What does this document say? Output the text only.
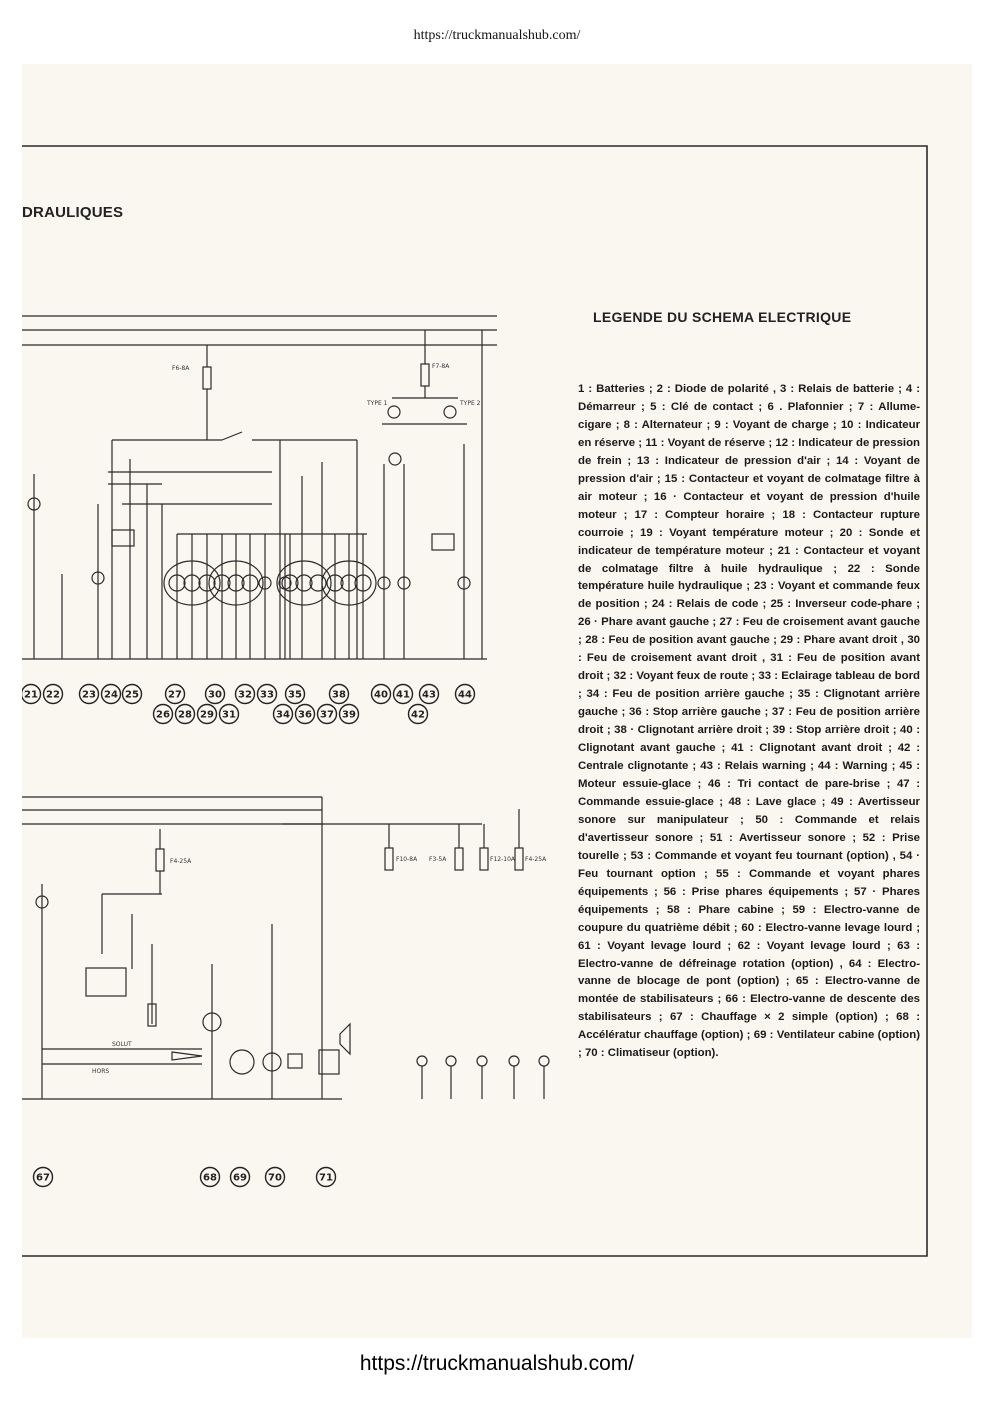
https://truckmanualshub.com/
F6-8A	F7-8A
F4-25A	F10-8A F3-5A	F12-10A F4-25A
TYPE 1	TYPE 2
SOLUT
HORS
21 22 23 24 25	27	30 32 33 35	38	40 41 43 44
26 28 29 31	34 36 37 39	42
67	68 69 70	71
DRAULIQUES
LEGENDE DU SCHEMA ELECTRIQUE
1 : Batteries ; 2 : Diode de polarité , 3 : Relais de batterie ; 4 : Démarreur ; 5 : Clé de contact ; 6 . Plafonnier ; 7 : Allume-cigare ; 8 : Alternateur ; 9 : Voyant de charge ; 10 : Indicateur en réserve ; 11 : Voyant de réserve ; 12 : Indicateur de pression de frein ; 13 : Indicateur de pression d'air ; 14 : Voyant de pression d'air ; 15 : Contacteur et voyant de colmatage filtre à air moteur ; 16 · Contacteur et voyant de pression d'huile moteur ; 17 : Compteur horaire ; 18 : Contacteur rupture courroie ; 19 : Voyant température moteur ; 20 : Sonde et indicateur de température moteur ; 21 : Contacteur et voyant de colmatage filtre à huile hydraulique ; 22 : Sonde température huile hydraulique ; 23 : Voyant et commande feux de position ; 24 : Relais de code ; 25 : Inverseur code-phare ; 26 · Phare avant gauche ; 27 : Feu de croisement avant gauche ; 28 : Feu de position avant gauche ; 29 : Phare avant droit , 30 : Feu de croisement avant droit , 31 : Feu de position avant droit ; 32 : Voyant feux de route ; 33 : Eclairage tableau de bord ; 34 : Feu de position arrière gauche ; 35 : Clignotant arrière gauche ; 36 : Stop arrière gauche ; 37 : Feu de position arrière droit ; 38 · Clignotant arrière droit ; 39 : Stop arrière droit ; 40 : Clignotant avant gauche ; 41 : Clignotant avant droit ; 42 : Centrale clignotante ; 43 : Relais warning ; 44 : Warning ; 45 : Moteur essuie-glace ; 46 : Tri contact de pare-brise ; 47 : Commande essuie-glace ; 48 : Lave glace ; 49 : Avertisseur sonore sur manipulateur ; 50 : Commande et relais d'avertisseur sonore ; 51 : Avertisseur sonore ; 52 : Prise tourelle ; 53 : Commande et voyant feu tournant (option) , 54 · Feu tournant option ; 55 : Commande et voyant phares équipements ; 56 : Prise phares équipements ; 57 · Phares équipements ; 58 : Phare cabine ; 59 : Electro-vanne de coupure du quatrième débit ; 60 : Electro-vanne levage lourd ; 61 : Voyant levage lourd ; 62 : Voyant levage lourd ; 63 : Electro-vanne de défreinage rotation (option) , 64 : Electro-vanne de blocage de pont (option) ; 65 : Electro-vanne de montée de stabilisateurs ; 66 : Electro-vanne de descente des stabilisateurs ; 67 : Chauffage × 2 simple (option) ; 68 : Accélératur chauffage (option) ; 69 : Ventilateur cabine (option) ; 70 : Climatiseur (option).
https://truckmanualshub.com/
